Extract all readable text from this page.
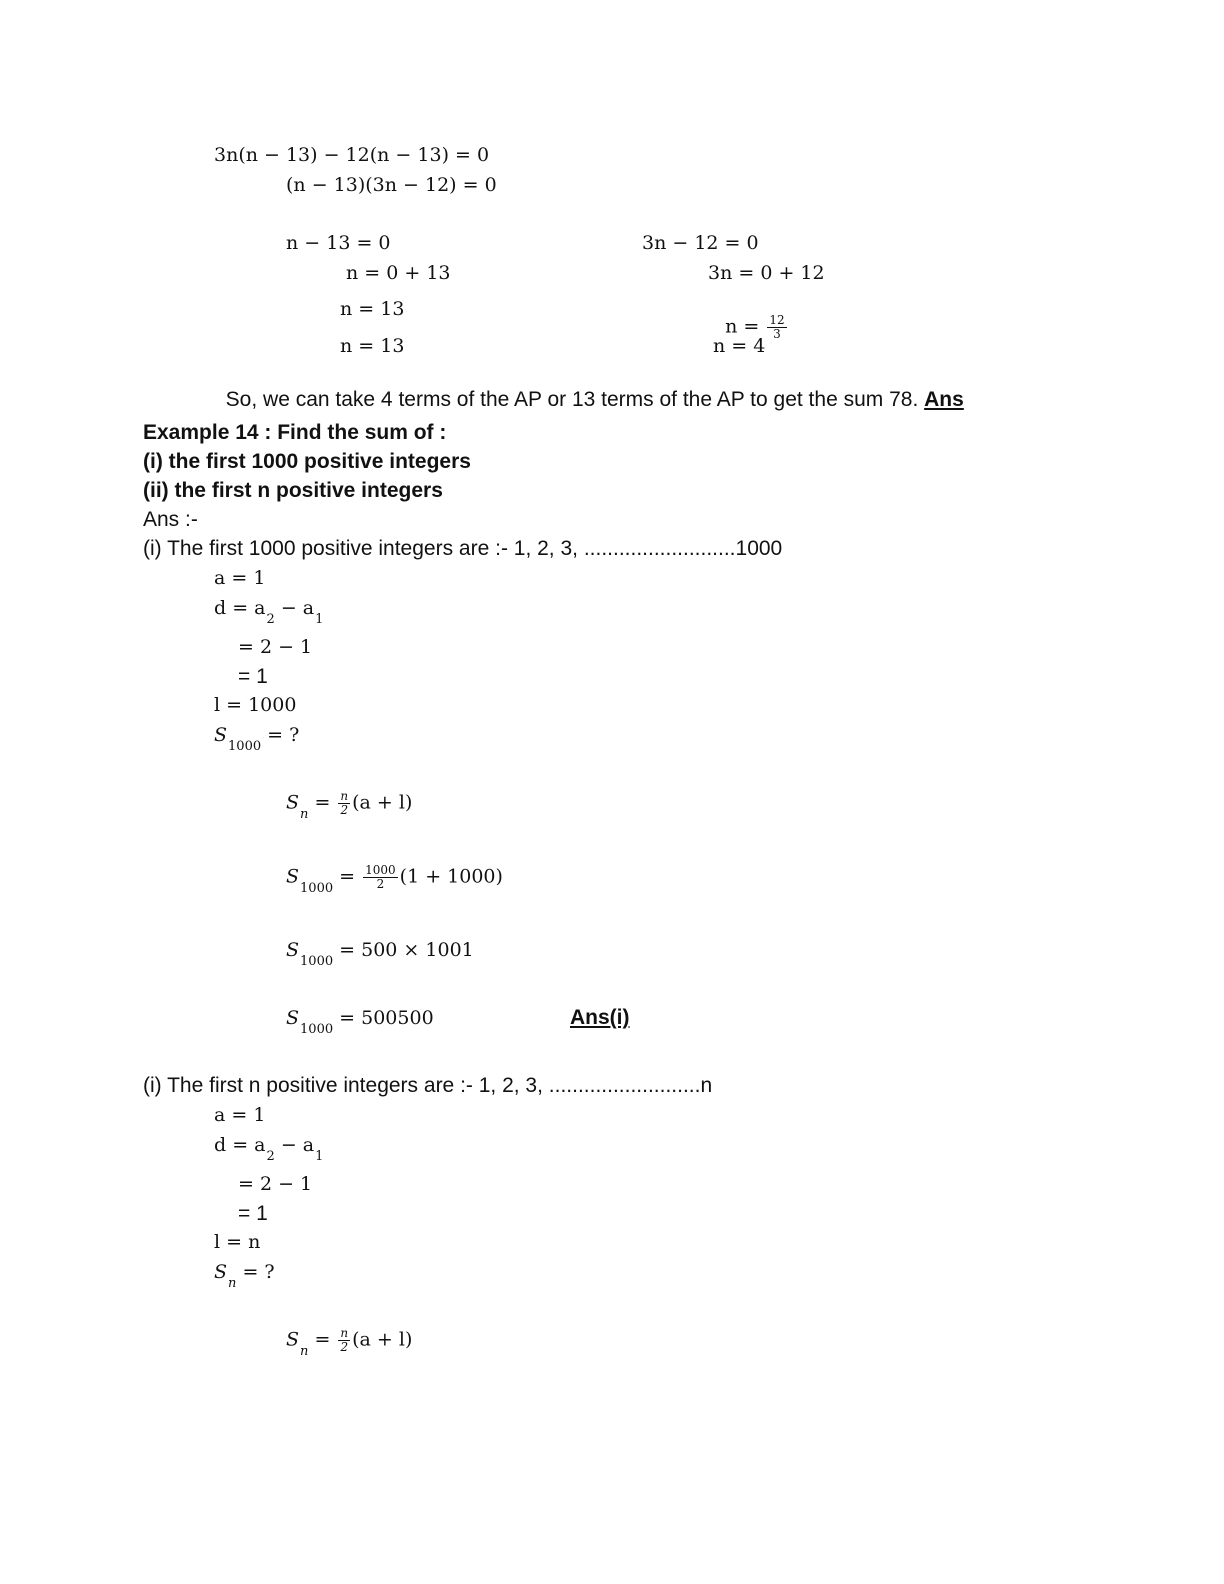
3n(n − 13) − 12(n − 13) = 0
(n − 13)(3n − 12) = 0
n − 13 = 0
n = 0 + 13
n = 13
n = 13
3n − 12 = 0
3n = 0 + 12

$n = \frac{12}{3}$

n = 4

So, we can take 4 terms of the AP or 13 terms of the AP to get the sum 78. Ans

Example 14 : Find the sum of :
(i) the first 1000 positive integers
(ii) the first n positive integers
Ans :-
(i) The first 1000 positive integers are :- 1, 2, 3, ..........................1000
a = 1
$d = a_2 - a_1$
= 2 − 1
= 1
l = 1000
$S_{1000}$ = ?
$S_n = \frac{n}{2} (a + l)$
$S_{1000} = \frac{1000}{2} (1 + 1000)$
$S_{1000} = 500 \times 1001$
$S_{1000} = 500500$	Ans(i)
(i) The first n positive integers are :- 1, 2, 3, ..........................n
a = 1
$d = a_2 - a_1$
= 2 − 1
= 1
l = n
$S_n$ = ?
$S_n = \frac{n}{2} (a + l)$
